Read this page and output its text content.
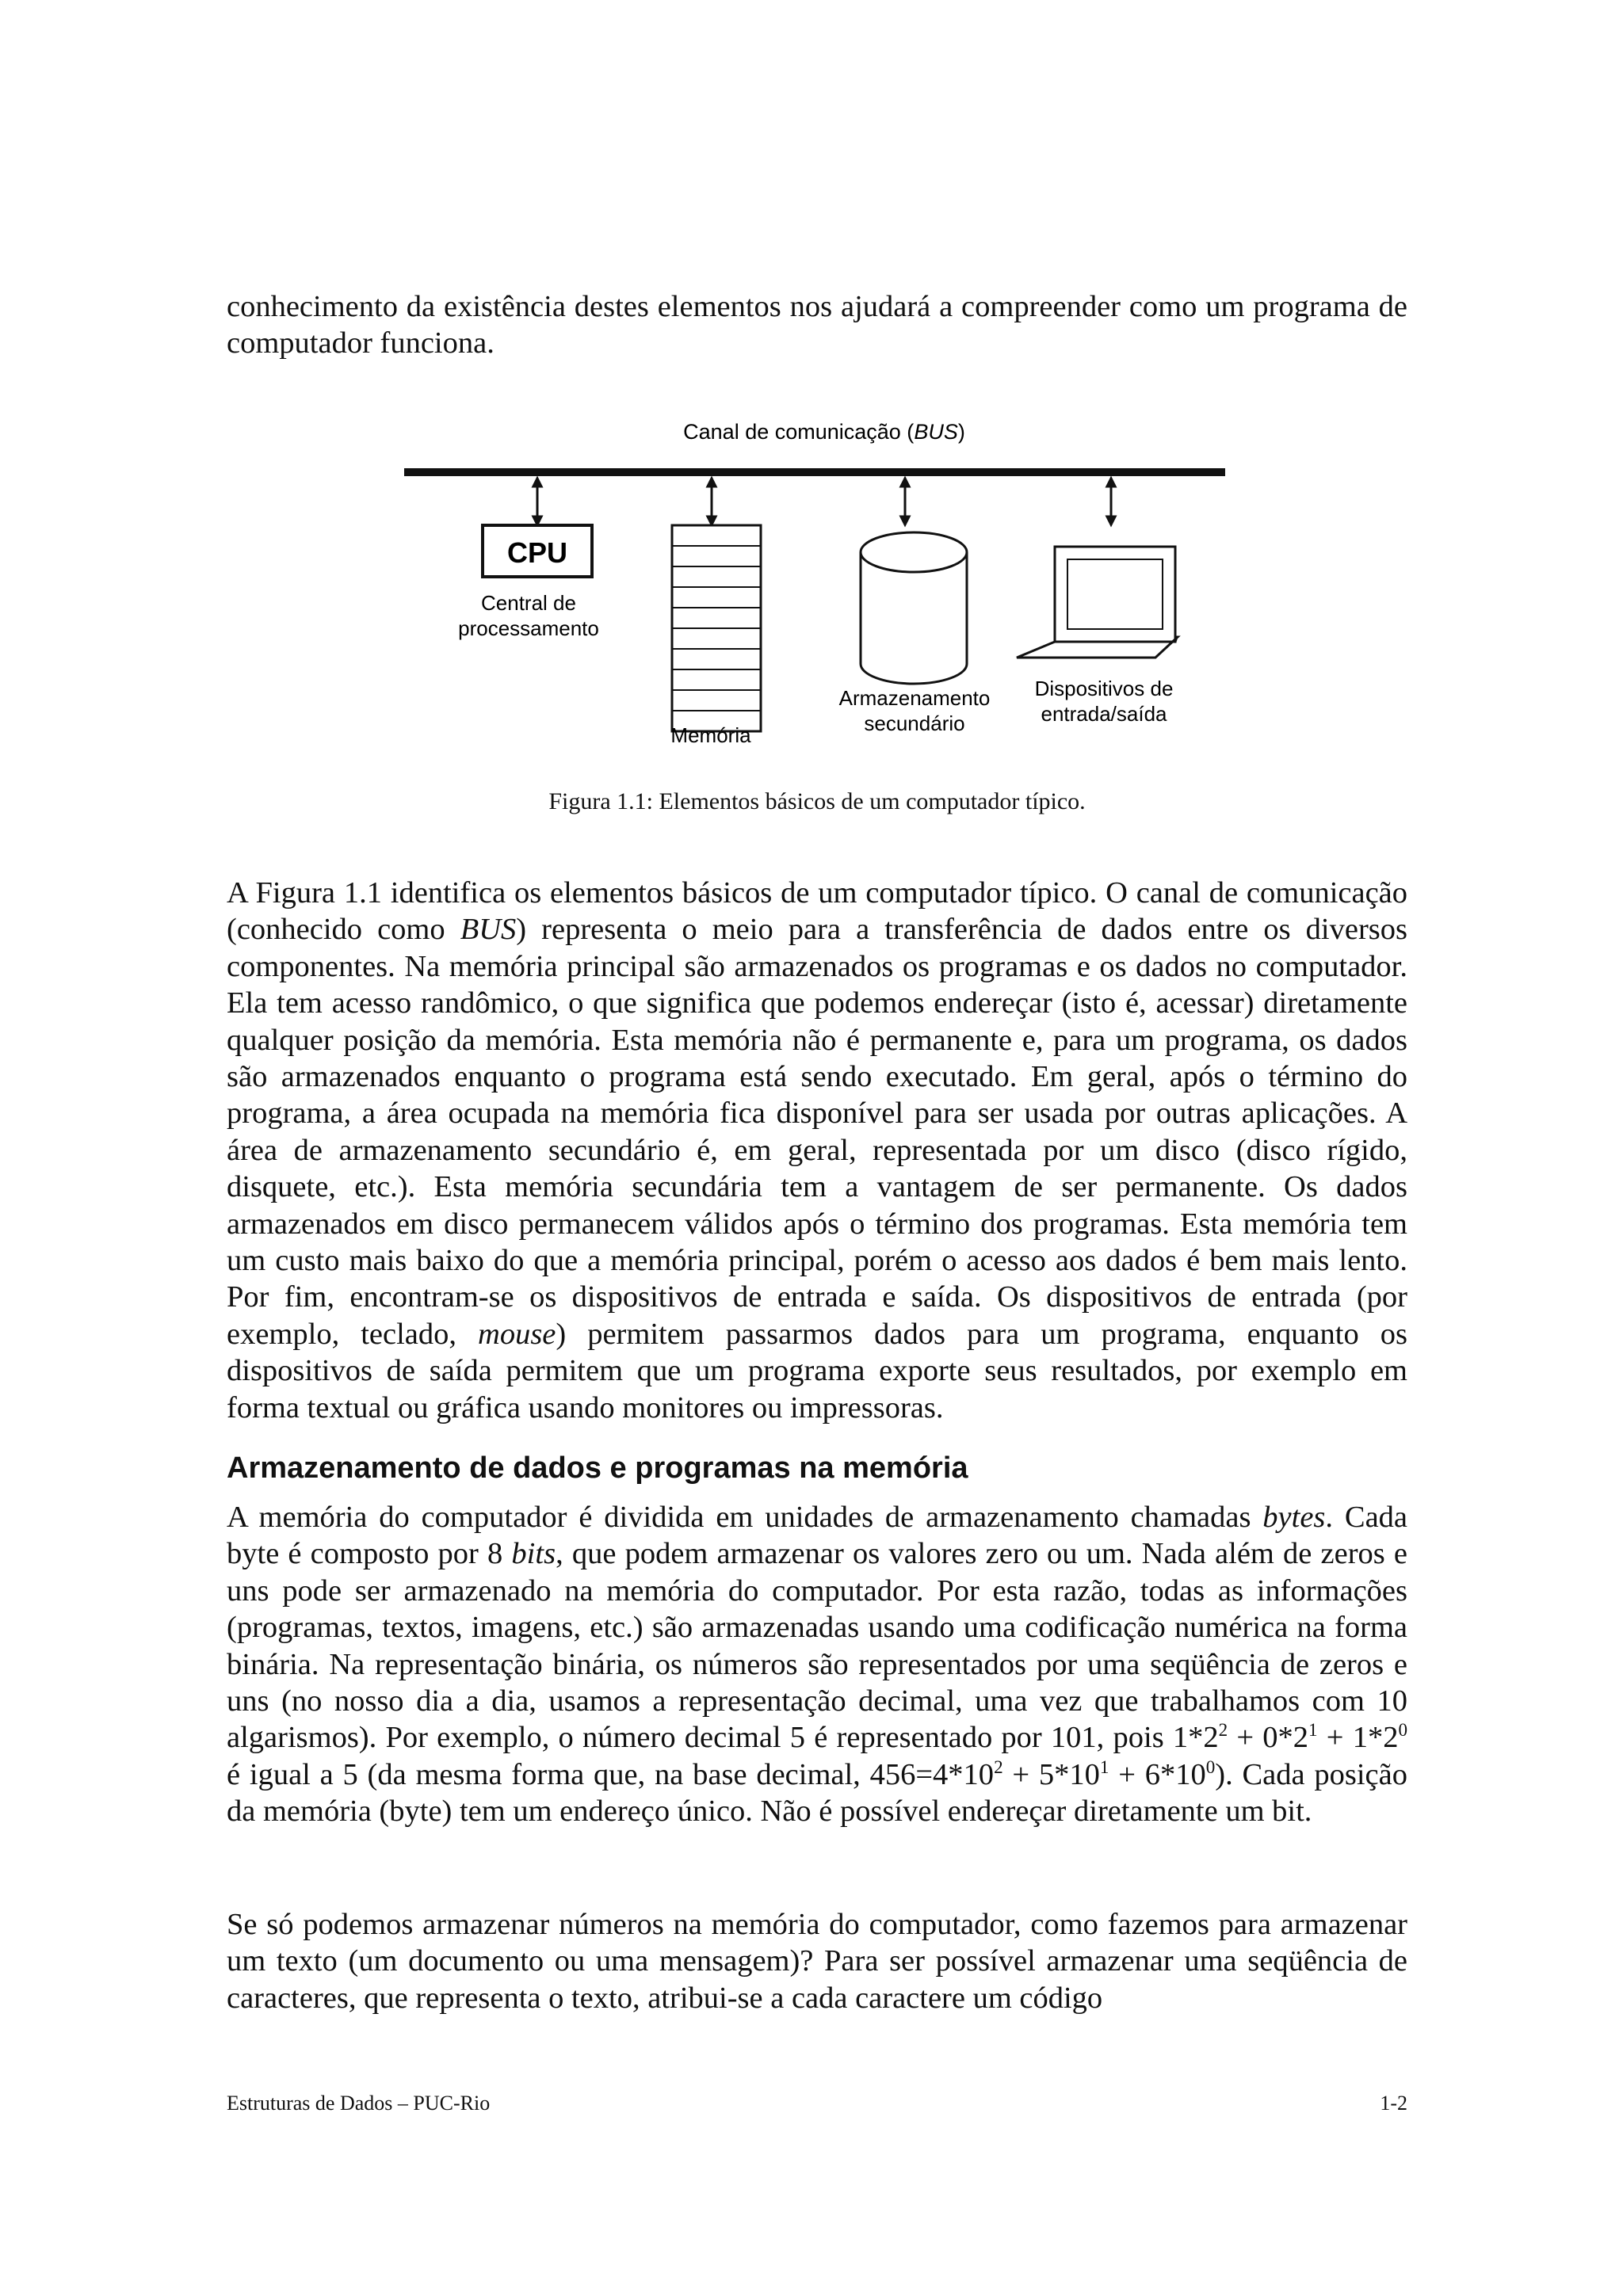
conhecimento da existência destes elementos nos ajudará a compreender como um programa de computador funciona.

Canal de comunicação (BUS)
CPU
Central de
processamento
Memória
Armazenamento
secundário
Dispositivos de
entrada/saída
Figura 1.1: Elementos básicos de um computador típico.

A Figura 1.1 identifica os elementos básicos de um computador típico. O canal de comunicação (conhecido como BUS) representa o meio para a transferência de dados entre os diversos componentes. Na memória principal são armazenados os programas e os dados no computador. Ela tem acesso randômico, o que significa que podemos endereçar (isto é, acessar) diretamente qualquer posição da memória. Esta memória não é permanente e, para um programa, os dados são armazenados enquanto o programa está sendo executado. Em geral, após o término do programa, a área ocupada na memória fica disponível para ser usada por outras aplicações. A área de armazenamento secundário é, em geral, representada por um disco (disco rígido, disquete, etc.). Esta memória secundária tem a vantagem de ser permanente. Os dados armazenados em disco permanecem válidos após o término dos programas. Esta memória tem um custo mais baixo do que a memória principal, porém o acesso aos dados é bem mais lento. Por fim, encontram-se os dispositivos de entrada e saída. Os dispositivos de entrada (por exemplo, teclado, mouse) permitem passarmos dados para um programa, enquanto os dispositivos de saída permitem que um programa exporte seus resultados, por exemplo em forma textual ou gráfica usando monitores ou impressoras.

Armazenamento de dados e programas na memória

A memória do computador é dividida em unidades de armazenamento chamadas bytes. Cada byte é composto por 8 bits, que podem armazenar os valores zero ou um. Nada além de zeros e uns pode ser armazenado na memória do computador. Por esta razão, todas as informações (programas, textos, imagens, etc.) são armazenadas usando uma codificação numérica na forma binária. Na representação binária, os números são representados por uma seqüência de zeros e uns (no nosso dia a dia, usamos a representação decimal, uma vez que trabalhamos com 10 algarismos). Por exemplo, o número decimal 5 é representado por 101, pois $1*2^2 + 0*2^1 + 1*2^0$ é igual a 5 (da mesma forma que, na base decimal, $456=4*10^2 + 5*10^1 + 6*10^0$). Cada posição da memória (byte) tem um endereço único. Não é possível endereçar diretamente um bit.

Se só podemos armazenar números na memória do computador, como fazemos para armazenar um texto (um documento ou uma mensagem)? Para ser possível armazenar uma seqüência de caracteres, que representa o texto, atribui-se a cada caractere um código

Estruturas de Dados – PUC-Rio	1-2
